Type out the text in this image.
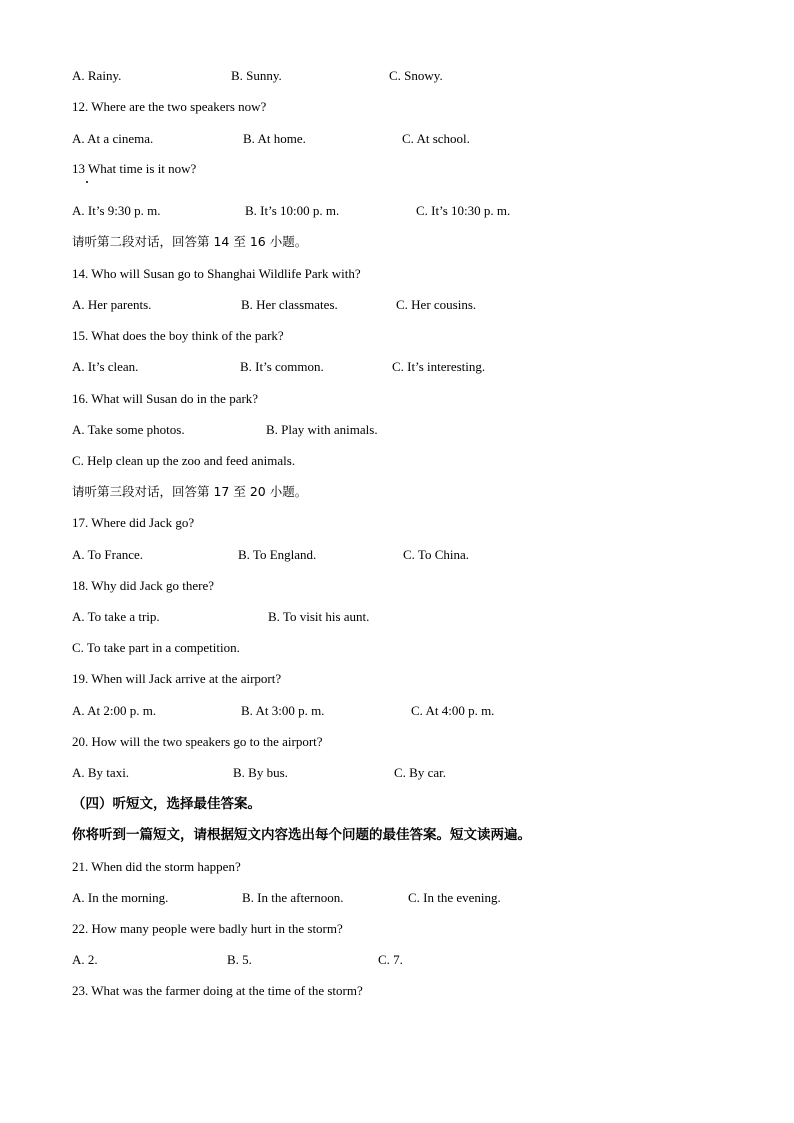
A. Rainy.	B. Sunny.	C. Snowy.
12. Where are the two speakers now?
A. At a cinema.	B. At home.	C. At school.
13 What time is it now?
A. It’s 9:30 p. m.	B. It’s 10:00 p. m.	C. It’s 10:30 p. m.
请听第二段对话，回答第 14 至 16 小题。
14. Who will Susan go to Shanghai Wildlife Park with?
A. Her parents.	B. Her classmates.	C. Her cousins.
15. What does the boy think of the park?
A. It’s clean.	B. It’s common.	C. It’s interesting.
16. What will Susan do in the park?
A. Take some photos.	B. Play with animals.
C. Help clean up the zoo and feed animals.
请听第三段对话，回答第 17 至 20 小题。
17. Where did Jack go?
A. To France.	B. To England.	C. To China.
18. Why did Jack go there?
A. To take a trip.	B. To visit his aunt.
C. To take part in a competition.
19. When will Jack arrive at the airport?
A. At 2:00 p. m.	B. At 3:00 p. m.	C. At 4:00 p. m.
20. How will the two speakers go to the airport?
A. By taxi.	B. By bus.	C. By car.
（四）听短文，选择最佳答案。
你将听到一篇短文，请根据短文内容选出每个问题的最佳答案。短文读两遍。
21. When did the storm happen?
A. In the morning.	B. In the afternoon.	C. In the evening.
22. How many people were badly hurt in the storm?
A. 2.	B. 5.	C. 7.
23. What was the farmer doing at the time of the storm?
